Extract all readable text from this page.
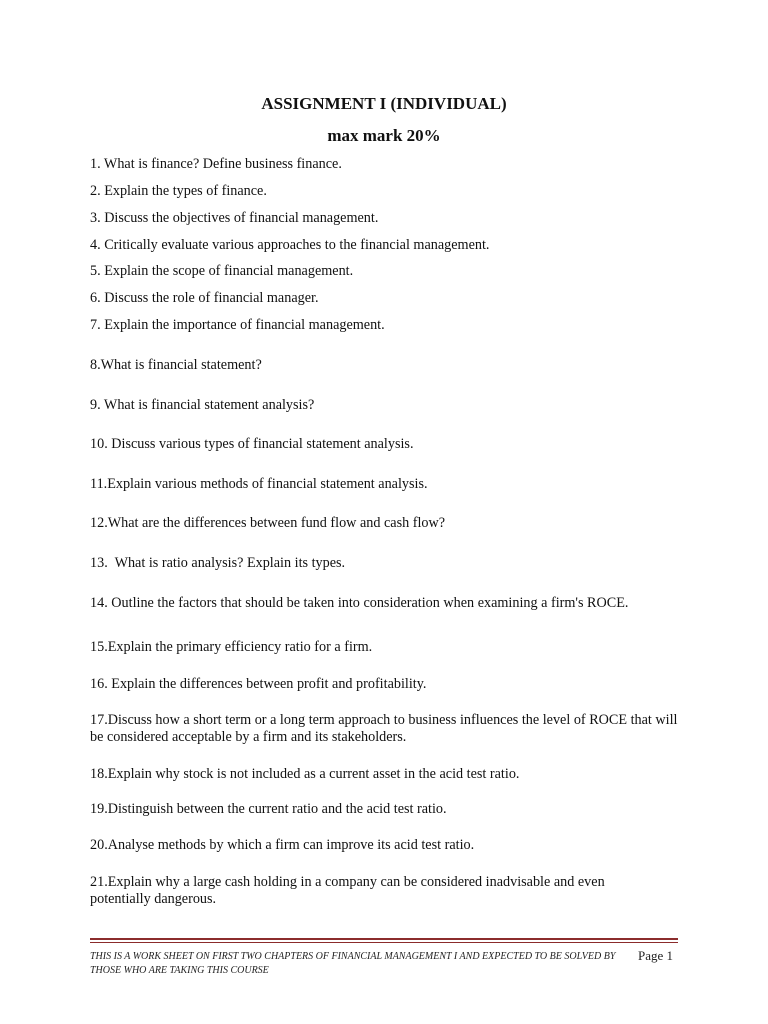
ASSIGNMENT I (INDIVIDUAL)
max mark 20%

1. What is finance? Define business finance.

2. Explain the types of finance.

3. Discuss the objectives of financial management.

4. Critically evaluate various approaches to the financial management.

5. Explain the scope of financial management.

6. Discuss the role of financial manager.

7. Explain the importance of financial management.

8.What is financial statement?

9. What is financial statement analysis?

10. Discuss various types of financial statement analysis.

11.Explain various methods of financial statement analysis.

12.What are the differences between fund flow and cash flow?

13.  What is ratio analysis? Explain its types.

14. Outline the factors that should be taken into consideration when examining a firm's ROCE.

15.Explain the primary efficiency ratio for a firm.

16. Explain the differences between profit and profitability.

17.Discuss how a short term or a long term approach to business influences the level of ROCE that will be considered acceptable by a firm and its stakeholders.

18.Explain why stock is not included as a current asset in the acid test ratio.

19.Distinguish between the current ratio and the acid test ratio.

20.Analyse methods by which a firm can improve its acid test ratio.

21.Explain why a large cash holding in a company can be considered inadvisable and even potentially dangerous.

THIS IS A WORK SHEET ON FIRST TWO CHAPTERS OF FINANCIAL MANAGEMENT I AND EXPECTED TO BE SOLVED BY THOSE WHO ARE TAKING THIS COURSE

Page 1
